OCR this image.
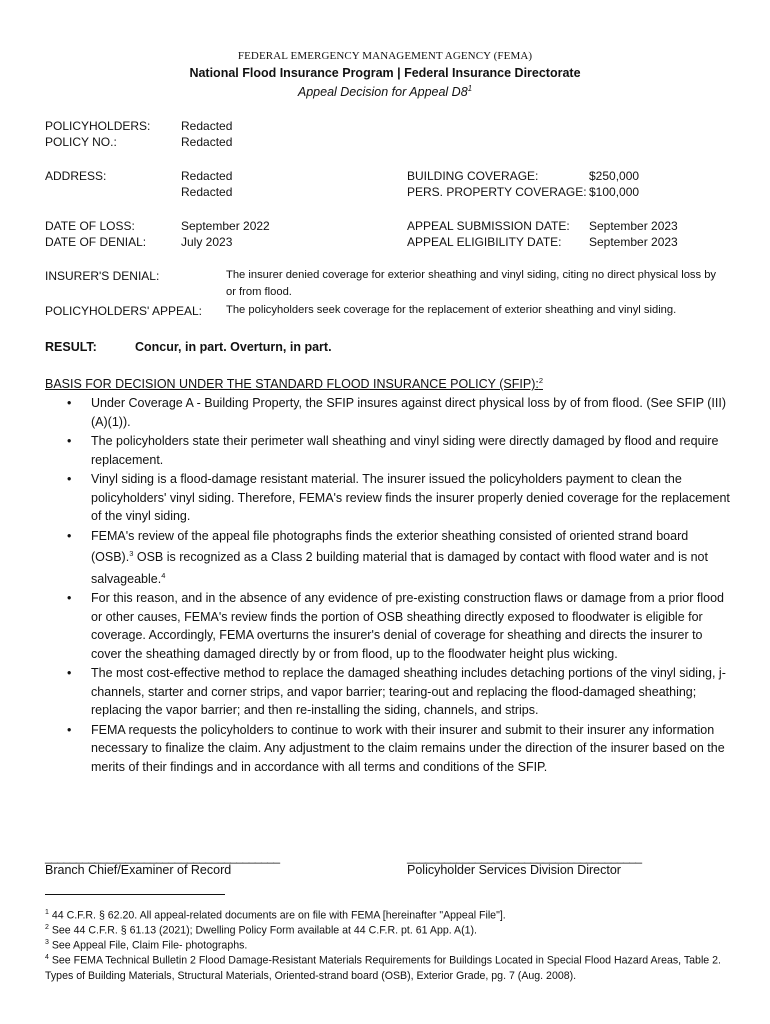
FEDERAL EMERGENCY MANAGEMENT AGENCY (FEMA)
National Flood Insurance Program | Federal Insurance Directorate
Appeal Decision for Appeal $D8^1$
POLICYHOLDERS:	Redacted
POLICY NO.:	Redacted
ADDRESS:	Redacted
Redacted
BUILDING COVERAGE:	$250,000
PERS. PROPERTY COVERAGE: $100,000
DATE OF LOSS:	September 2022
DATE OF DENIAL:	July 2023
APPEAL SUBMISSION DATE: September 2023
APPEAL ELIGIBILITY DATE: September 2023
INSURER'S DENIAL:	The insurer denied coverage for exterior sheathing and vinyl siding, citing no direct physical loss by or from flood.
POLICYHOLDERS' APPEAL: The policyholders seek coverage for the replacement of exterior sheathing and vinyl siding.
RESULT:	Concur, in part. Overturn, in part.
BASIS FOR DECISION UNDER THE STANDARD FLOOD INSURANCE POLICY (SFIP):$^2$
• Under Coverage A - Building Property, the SFIP insures against direct physical loss by of from flood. (See SFIP (III)(A)(1)).
• The policyholders state their perimeter wall sheathing and vinyl siding were directly damaged by flood and require replacement.
• Vinyl siding is a flood-damage resistant material. The insurer issued the policyholders payment to clean the policyholders' vinyl siding. Therefore, FEMA's review finds the insurer properly denied coverage for the replacement of the vinyl siding.
• FEMA's review of the appeal file photographs finds the exterior sheathing consisted of oriented strand board (OSB).$^3$ OSB is recognized as a Class 2 building material that is damaged by contact with flood water and is not salvageable.$^4$
• For this reason, and in the absence of any evidence of pre-existing construction flaws or damage from a prior flood or other causes, FEMA's review finds the portion of OSB sheathing directly exposed to floodwater is eligible for coverage. Accordingly, FEMA overturns the insurer's denial of coverage for sheathing and directs the insurer to cover the sheathing damaged directly by or from flood, up to the floodwater height plus wicking.
• The most cost-effective method to replace the damaged sheathing includes detaching portions of the vinyl siding, j-channels, starter and corner strips, and vapor barrier; tearing-out and replacing the flood-damaged sheathing; replacing the vapor barrier; and then re-installing the siding, channels, and strips.
• FEMA requests the policyholders to continue to work with their insurer and submit to their insurer any information necessary to finalize the claim. Any adjustment to the claim remains under the direction of the insurer based on the merits of their findings and in accordance with all terms and conditions of the SFIP.
______________________________________	______________________________________
Branch Chief/Examiner of Record	Policyholder Services Division Director
$^1$ 44 C.F.R. § 62.20. All appeal-related documents are on file with FEMA [hereinafter "Appeal File"].
$^2$ See 44 C.F.R. § 61.13 (2021); Dwelling Policy Form available at 44 C.F.R. pt. 61 App. A(1).
$^3$ See Appeal File, Claim File- photographs.
$^4$ See FEMA Technical Bulletin 2 Flood Damage-Resistant Materials Requirements for Buildings Located in Special Flood Hazard Areas, Table 2. Types of Building Materials, Structural Materials, Oriented-strand board (OSB), Exterior Grade, pg. 7 (Aug. 2008).
